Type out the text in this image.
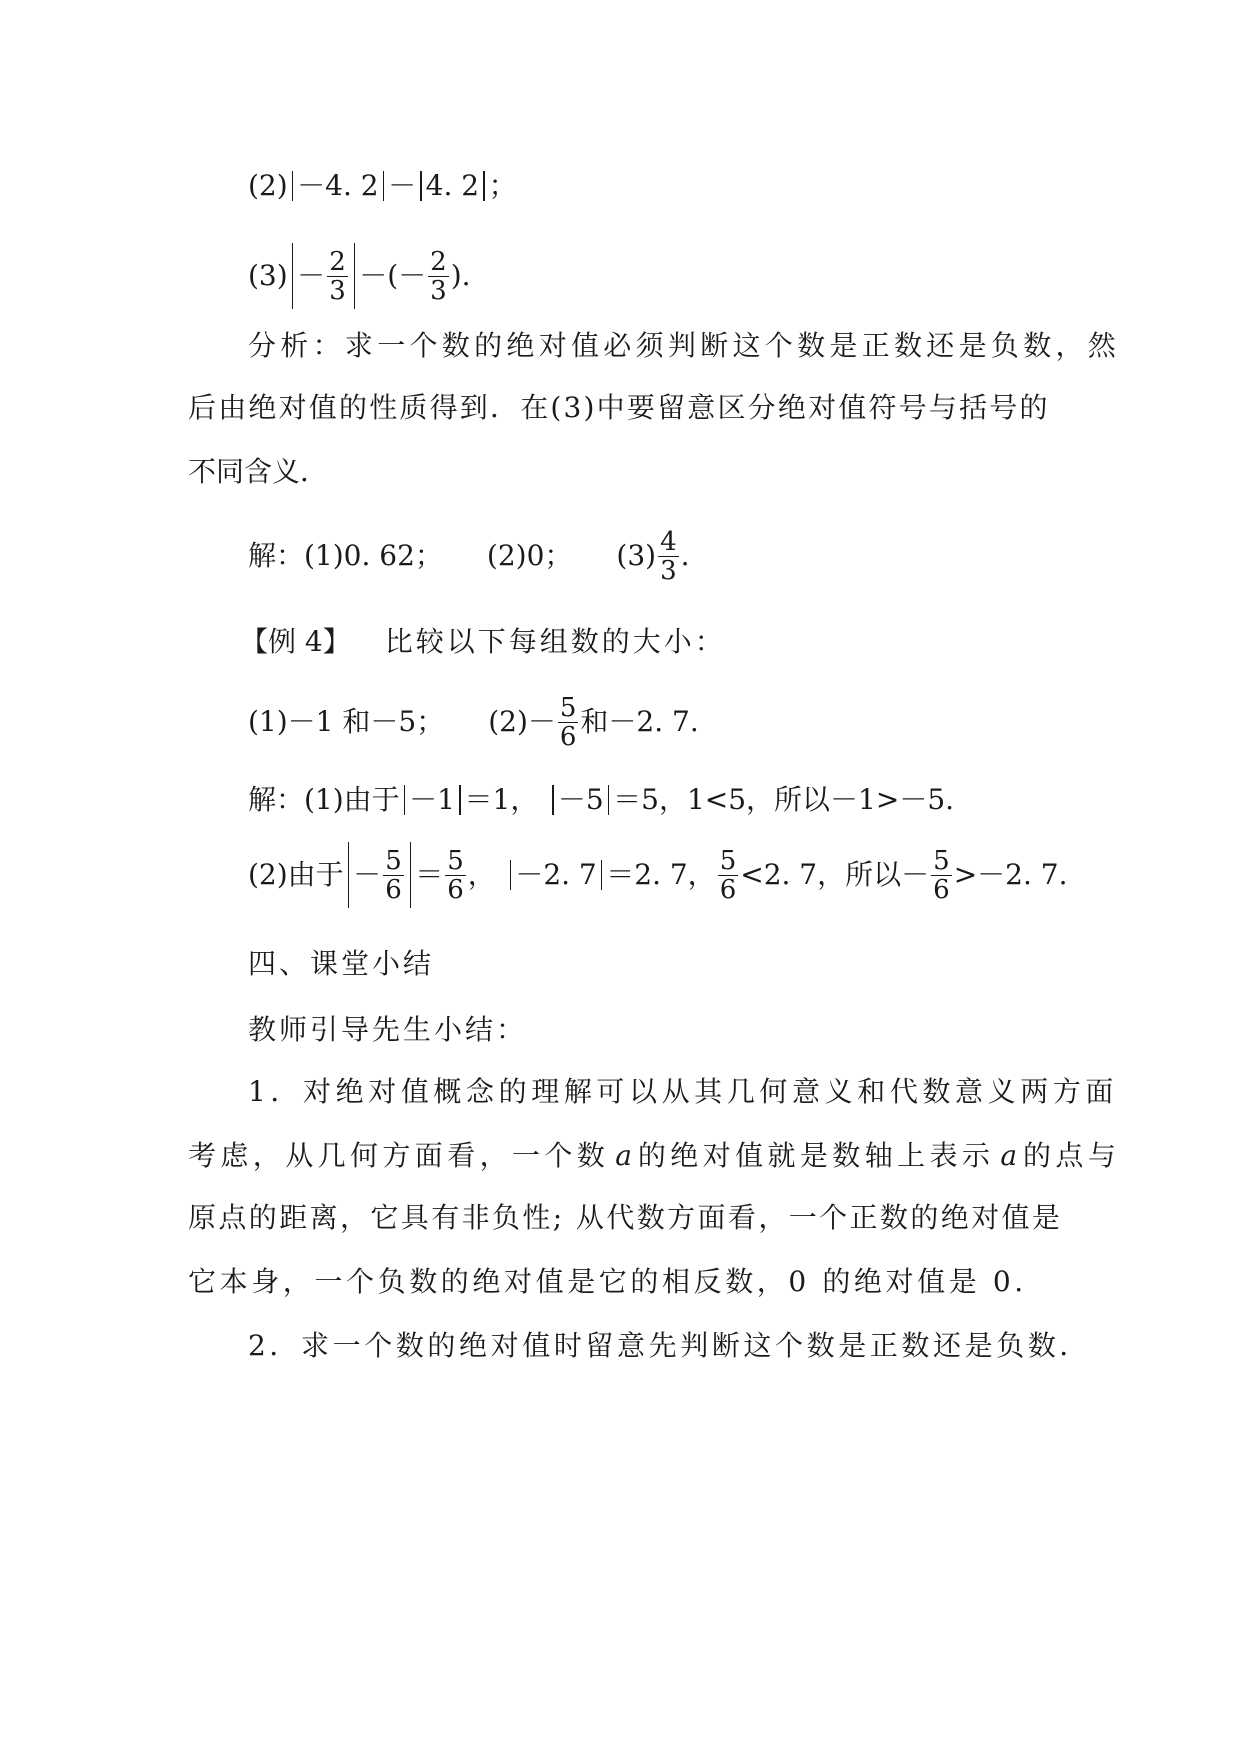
(2) －4. 2 － 4. 2 ；
$(3) - \frac{2}{3}$ －(－ $\frac{2}{3}$ ).
分析：求一个数的绝对值必须判断这个数是正数还是负数，然
后由绝对值的性质得到．在(3)中要留意区分绝对值符号与括号的
不同含义．
解：(1)0. 62； (2)0； $(3) \frac{4}{3}$ .
【例 4】 比较以下每组数的大小：
(1)－1 和－5； $(2)- \frac{5}{6}$ 和－2. 7.
解：(1)由于 －1 ＝1， －5 ＝5，1<5，所以－1>－5.
(2)由于 － $\frac{5}{6} = \frac{5}{6}$ ， －2. 7 ＝2. 7， $\frac{5}{6} <2$. 7，所以－ $\frac{5}{6} >-2$. 7.
四、课堂小结
教师引导先生小结：
1．对绝对值概念的理解可以从其几何意义和代数意义两方面
考虑，从几何方面看，一个数 a 的绝对值就是数轴上表示 a 的点与
原点的距离，它具有非负性; 从代数方面看，一个正数的绝对值是
它本身，一个负数的绝对值是它的相反数，0 的绝对值是 0.
2．求一个数的绝对值时留意先判断这个数是正数还是负数．
